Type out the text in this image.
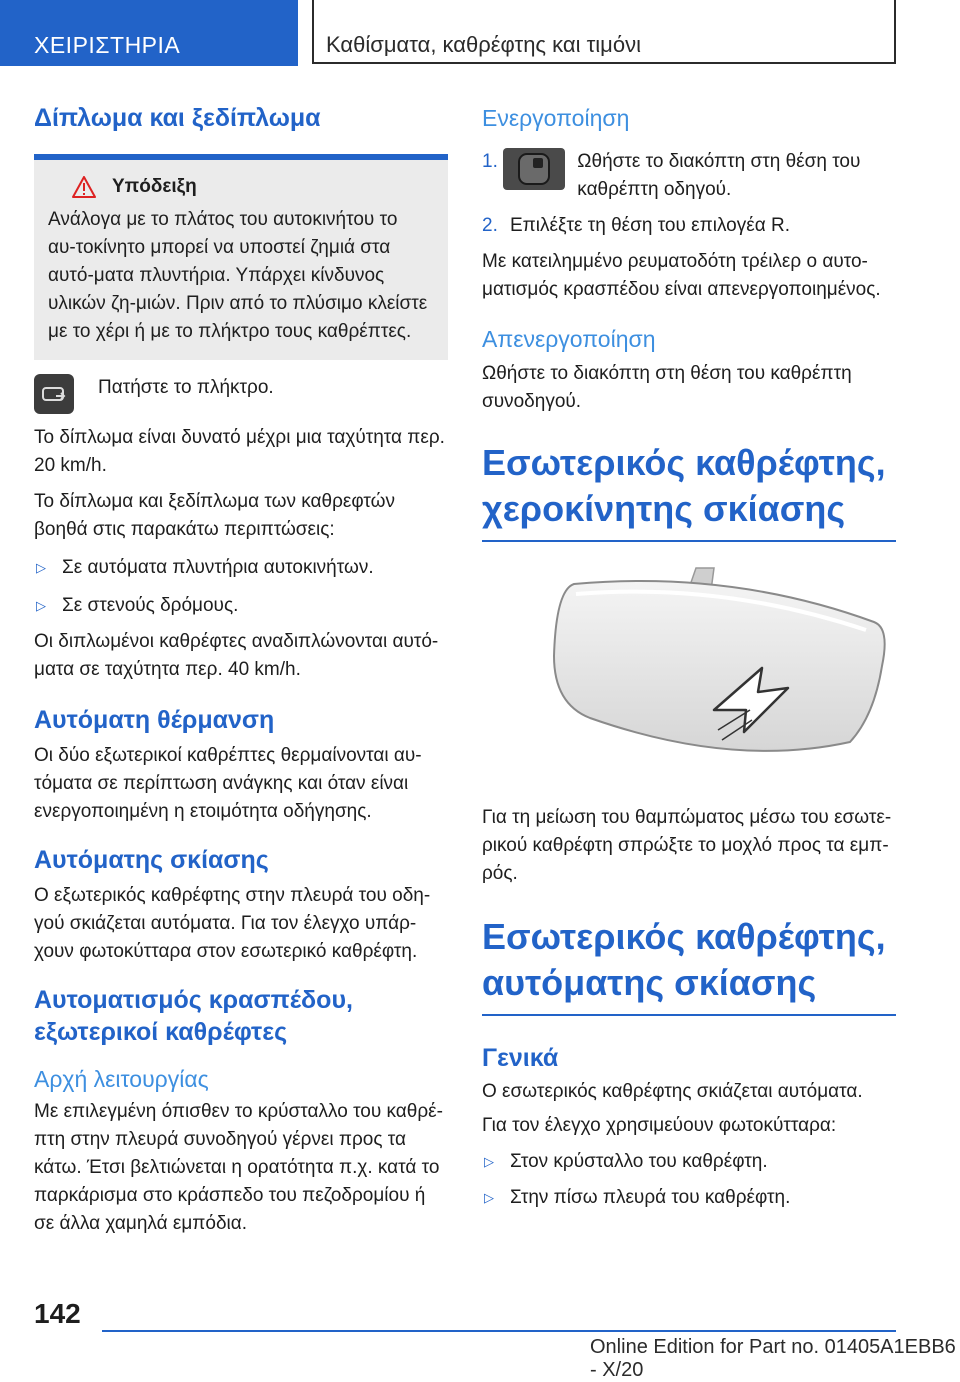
ΧΕΙΡΙΣΤΗΡΙΑ	Καθίσματα, καθρέφτης και τιμόνι

Δίπλωμα και ξεδίπλωμα

Υπόδειξη

Ανάλογα με το πλάτος του αυτοκινήτου το αυ-τοκίνητο μπορεί να υποστεί ζημιά στα αυτό-ματα πλυντήρια. Υπάρχει κίνδυνος υλικών ζη-μιών. Πριν από το πλύσιμο κλείστε με το χέρι ή με το πλήκτρο τους καθρέπτες.

Πατήστε το πλήκτρο.

Το δίπλωμα είναι δυνατό μέχρι μια ταχύτητα περ. 20 km/h.

Το δίπλωμα και ξεδίπλωμα των καθρεφτών βοηθά στις παρακάτω περιπτώσεις:

▷ Σε αυτόματα πλυντήρια αυτοκινήτων.

▷ Σε στενούς δρόμους.

Οι διπλωμένοι καθρέφτες αναδιπλώνονται αυτό-ματα σε ταχύτητα περ. 40 km/h.

Αυτόματη θέρμανση

Οι δύο εξωτερικοί καθρέπτες θερμαίνονται αυ-τόματα σε περίπτωση ανάγκης και όταν είναι ενεργοποιημένη η ετοιμότητα οδήγησης.

Αυτόματης σκίασης

Ο εξωτερικός καθρέφτης στην πλευρά του οδη-γού σκιάζεται αυτόματα. Για τον έλεγχο υπάρ-χουν φωτοκύτταρα στον εσωτερικό καθρέφτη.

Αυτοματισμός κρασπέδου, εξωτερικοί καθρέφτες

Αρχή λειτουργίας

Με επιλεγμένη όπισθεν το κρύσταλλο του καθρέ-πτη στην πλευρά συνοδηγού γέρνει προς τα κάτω. Έτσι βελτιώνεται η ορατότητα π.χ. κατά το παρκάρισμα στο κράσπεδο του πεζοδρομίου ή σε άλλα χαμηλά εμπόδια.

Ενεργοποίηση

1.	Ωθήστε το διακόπτη στη θέση του καθρέπτη οδηγού.

2. Επιλέξτε τη θέση του επιλογέα R.

Με κατειλημμένο ρευματοδότη τρέιλερ ο αυτο-ματισμός κρασπέδου είναι απενεργοποιημένος.

Απενεργοποίηση

Ωθήστε το διακόπτη στη θέση του καθρέπτη συνοδηγού.

Εσωτερικός καθρέφτης, χεροκίνητης σκίασης

Για τη μείωση του θαμπώματος μέσω του εσωτε-ρικού καθρέφτη σπρώξτε το μοχλό προς τα εμπ-ρός.

Εσωτερικός καθρέφτης, αυτόματης σκίασης

Γενικά

Ο εσωτερικός καθρέφτης σκιάζεται αυτόματα.

Για τον έλεγχο χρησιμεύουν φωτοκύτταρα:

▷ Στον κρύσταλλο του καθρέφτη.

▷ Στην πίσω πλευρά του καθρέφτη.

142
Online Edition for Part no. 01405A1EBB6 - X/20
